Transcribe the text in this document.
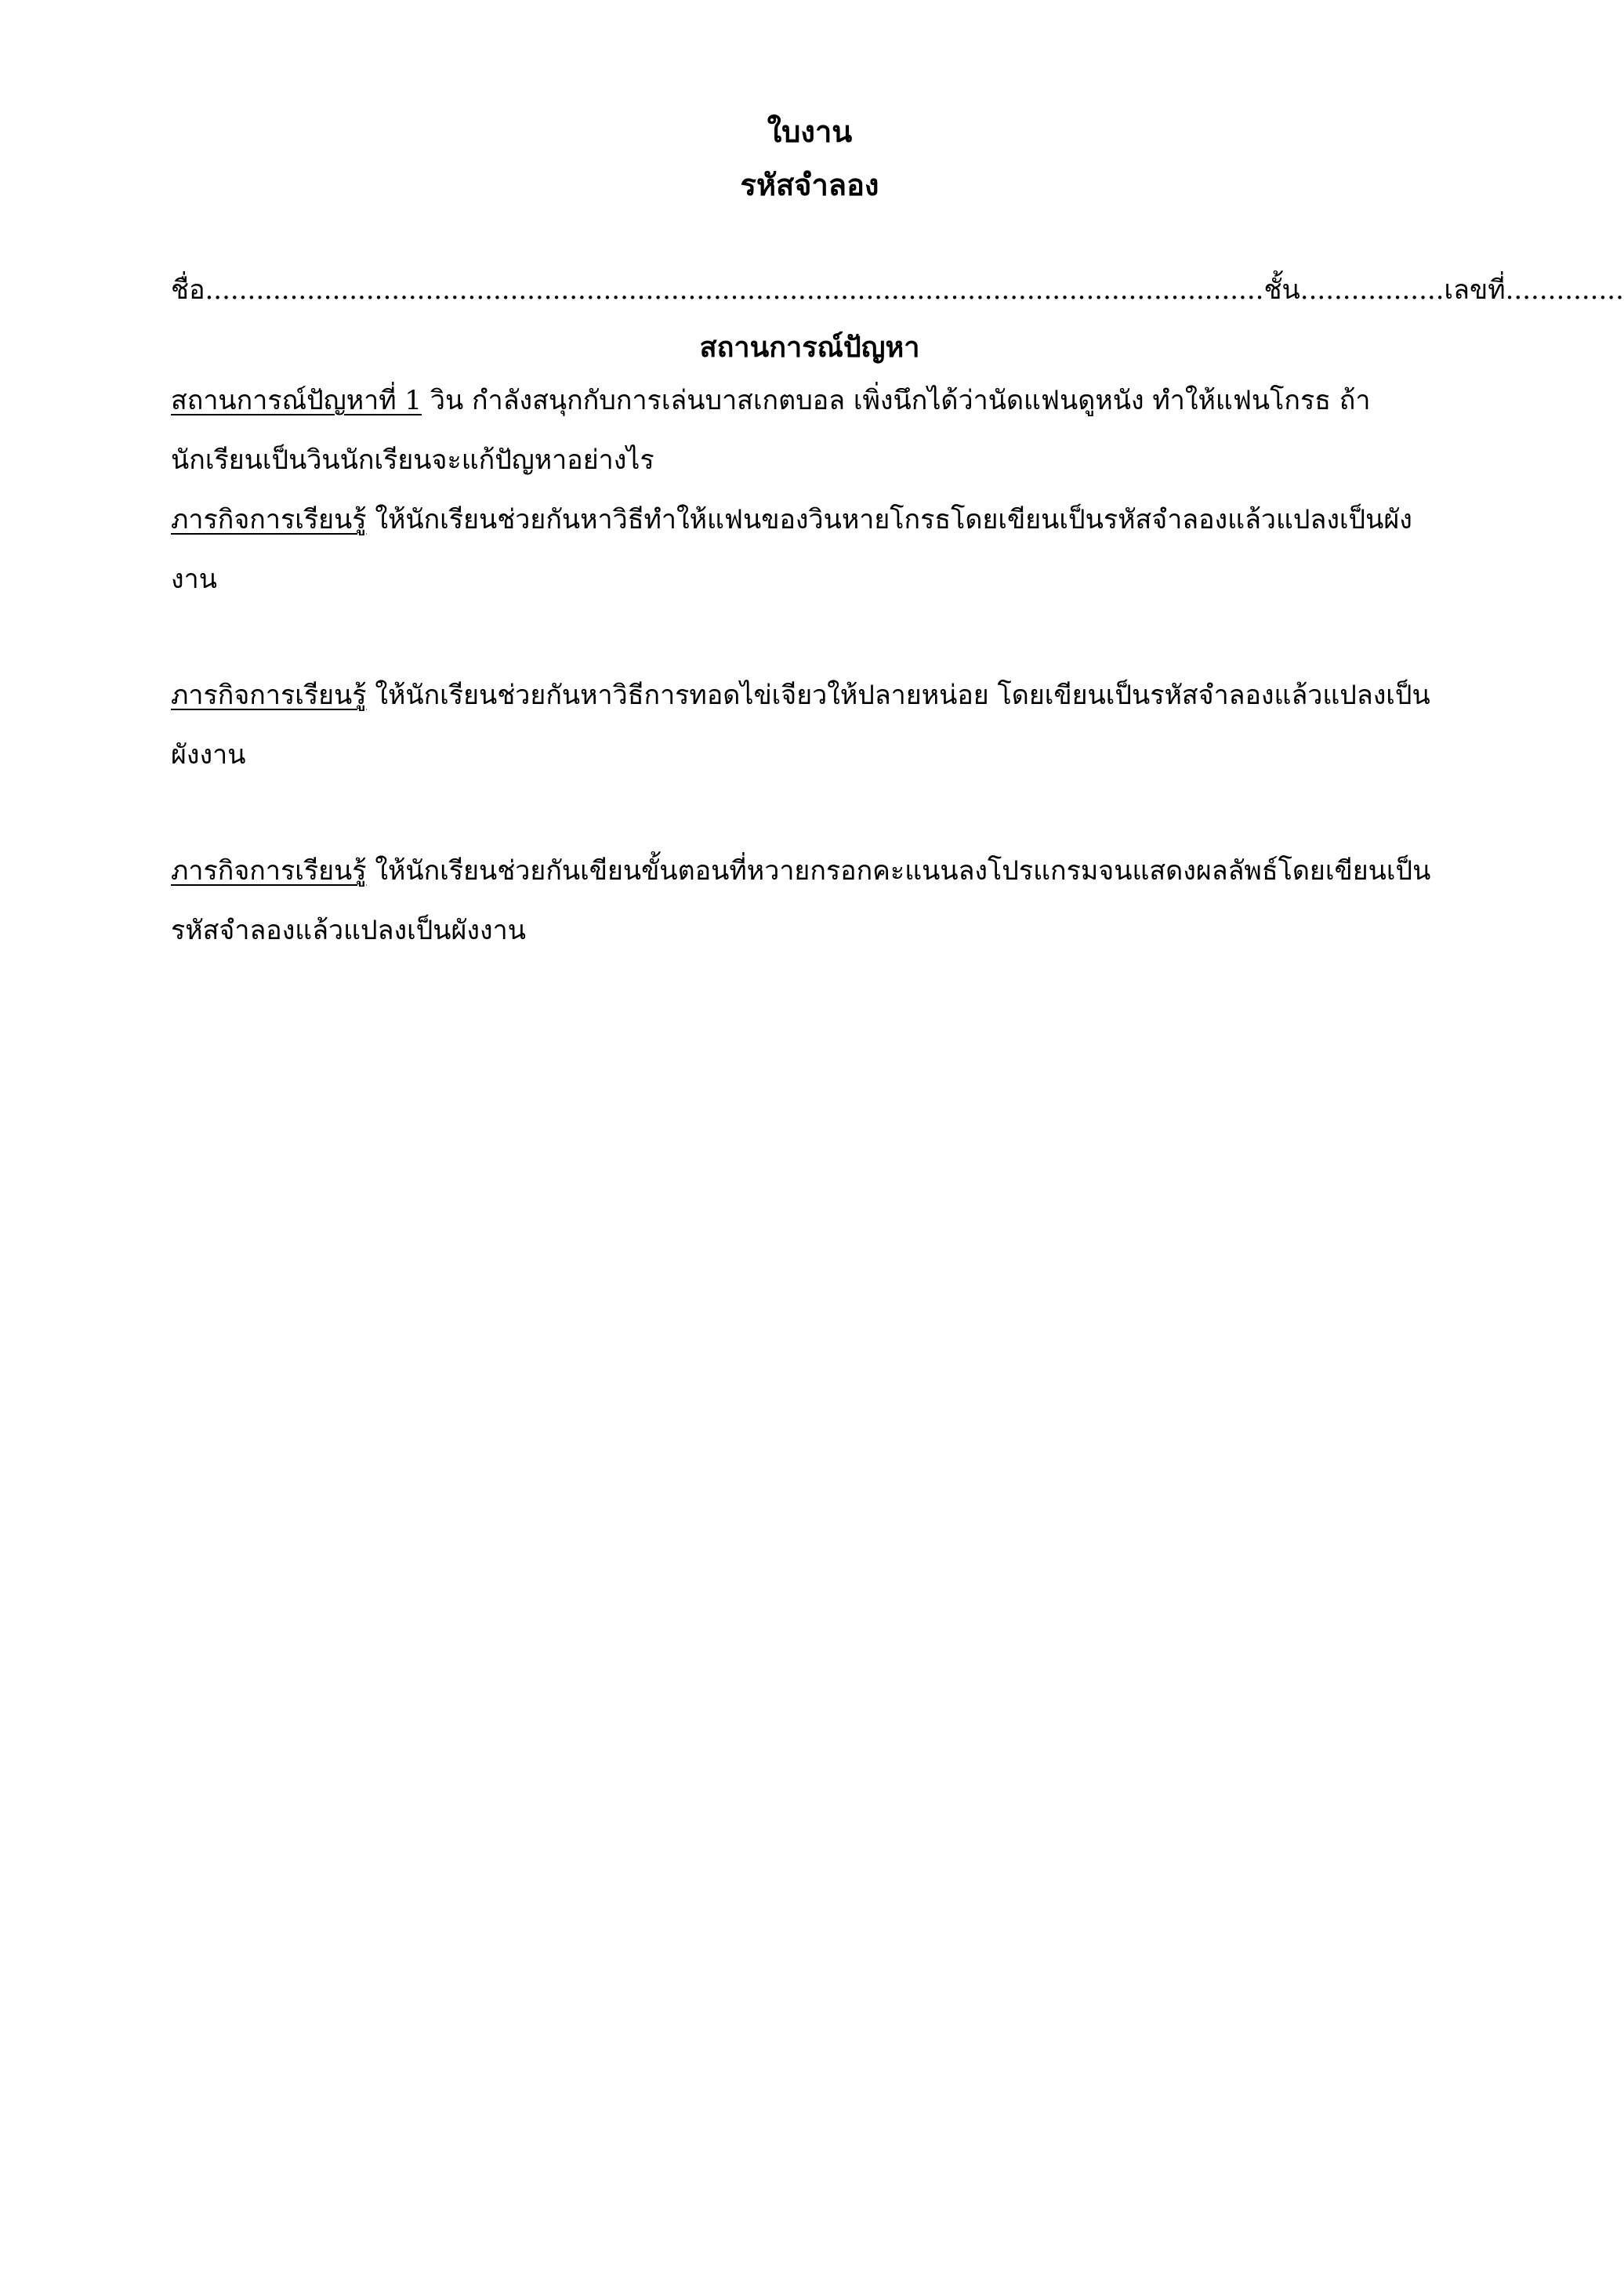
ใบงาน
รหัสจำลอง
ชื่อ.............................................................................................................................ชั้น.................เลขที่..............
สถานการณ์ปัญหา

สถานการณ์ปัญหาที่ 1 วิน กำลังสนุกกับการเล่นบาสเกตบอล เพิ่งนึกได้ว่านัดแฟนดูหนัง ทำให้แฟนโกรธ ถ้านักเรียนเป็นวินนักเรียนจะแก้ปัญหาอย่างไร

ภารกิจการเรียนรู้ ให้นักเรียนช่วยกันหาวิธีทำให้แฟนของวินหายโกรธโดยเขียนเป็นรหัสจำลองแล้วแปลงเป็นผังงาน

ภารกิจการเรียนรู้ ให้นักเรียนช่วยกันหาวิธีการทอดไข่เจียวให้ปลายหน่อย โดยเขียนเป็นรหัสจำลองแล้วแปลงเป็นผังงาน

ภารกิจการเรียนรู้ ให้นักเรียนช่วยกันเขียนขั้นตอนที่หวายกรอกคะแนนลงโปรแกรมจนแสดงผลลัพธ์โดยเขียนเป็นรหัสจำลองแล้วแปลงเป็นผังงาน
